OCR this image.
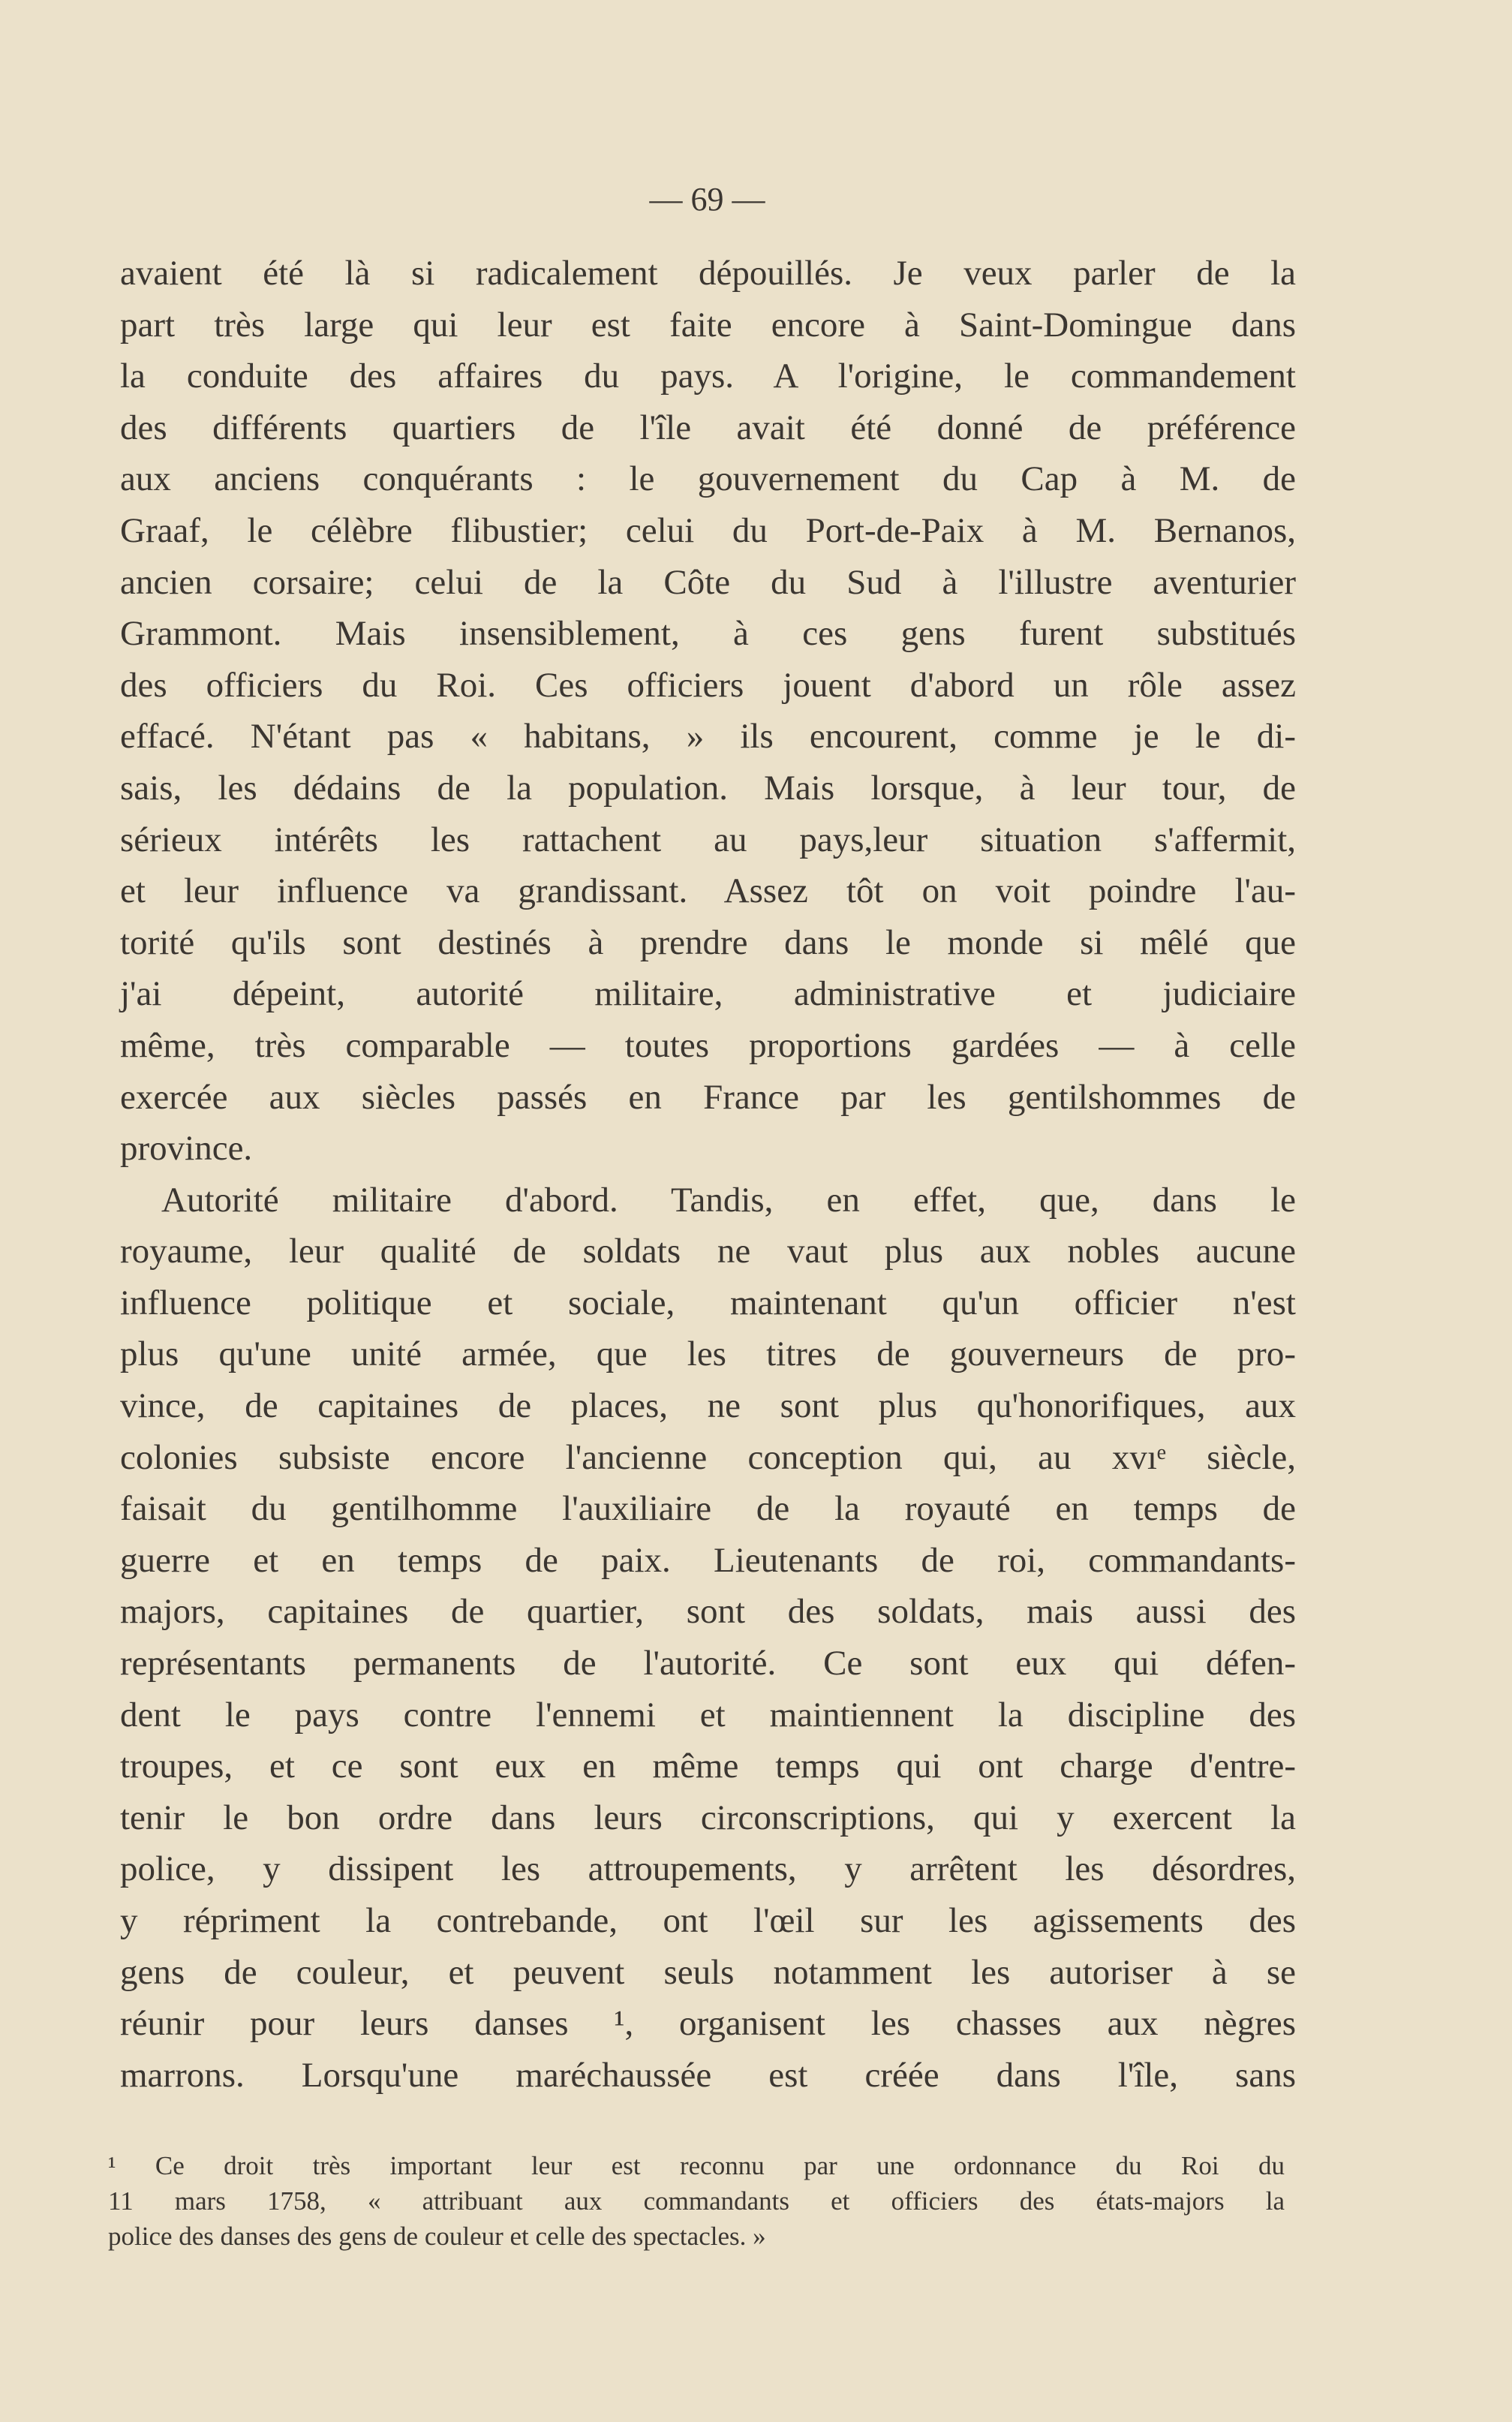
— 69 —
avaient été là si radicalement dépouillés. Je veux parler de la
part très large qui leur est faite encore à Saint-Domingue dans
la conduite des affaires du pays. A l'origine, le commandement
des différents quartiers de l'île avait été donné de préférence
aux anciens conquérants : le gouvernement du Cap à M. de
Graaf, le célèbre flibustier; celui du Port-de-Paix à M. Bernanos,
ancien corsaire; celui de la Côte du Sud à l'illustre aventurier
Grammont. Mais insensiblement, à ces gens furent substitués
des officiers du Roi. Ces officiers jouent d'abord un rôle assez
effacé. N'étant pas « habitans, » ils encourent, comme je le di-
sais, les dédains de la population. Mais lorsque, à leur tour, de
sérieux intérêts les rattachent au pays,leur situation s'affermit,
et leur influence va grandissant. Assez tôt on voit poindre l'au-
torité qu'ils sont destinés à prendre dans le monde si mêlé que
j'ai dépeint, autorité militaire, administrative et judiciaire
même, très comparable — toutes proportions gardées — à celle
exercée aux siècles passés en France par les gentilshommes de
province.
Autorité militaire d'abord. Tandis, en effet, que, dans le
royaume, leur qualité de soldats ne vaut plus aux nobles aucune
influence politique et sociale, maintenant qu'un officier n'est
plus qu'une unité armée, que les titres de gouverneurs de pro-
vince, de capitaines de places, ne sont plus qu'honorifiques, aux
colonies subsiste encore l'ancienne conception qui, au xvıᵉ siècle,
faisait du gentilhomme l'auxiliaire de la royauté en temps de
guerre et en temps de paix. Lieutenants de roi, commandants-
majors, capitaines de quartier, sont des soldats, mais aussi des
représentants permanents de l'autorité. Ce sont eux qui défen-
dent le pays contre l'ennemi et maintiennent la discipline des
troupes, et ce sont eux en même temps qui ont charge d'entre-
tenir le bon ordre dans leurs circonscriptions, qui y exercent la
police, y dissipent les attroupements, y arrêtent les désordres,
y répriment la contrebande, ont l'œil sur les agissements des
gens de couleur, et peuvent seuls notamment les autoriser à se
réunir pour leurs danses ¹, organisent les chasses aux nègres
marrons. Lorsqu'une maréchaussée est créée dans l'île, sans
¹ Ce droit très important leur est reconnu par une ordonnance du Roi du
11 mars 1758, « attribuant aux commandants et officiers des états-majors la
police des danses des gens de couleur et celle des spectacles. »
